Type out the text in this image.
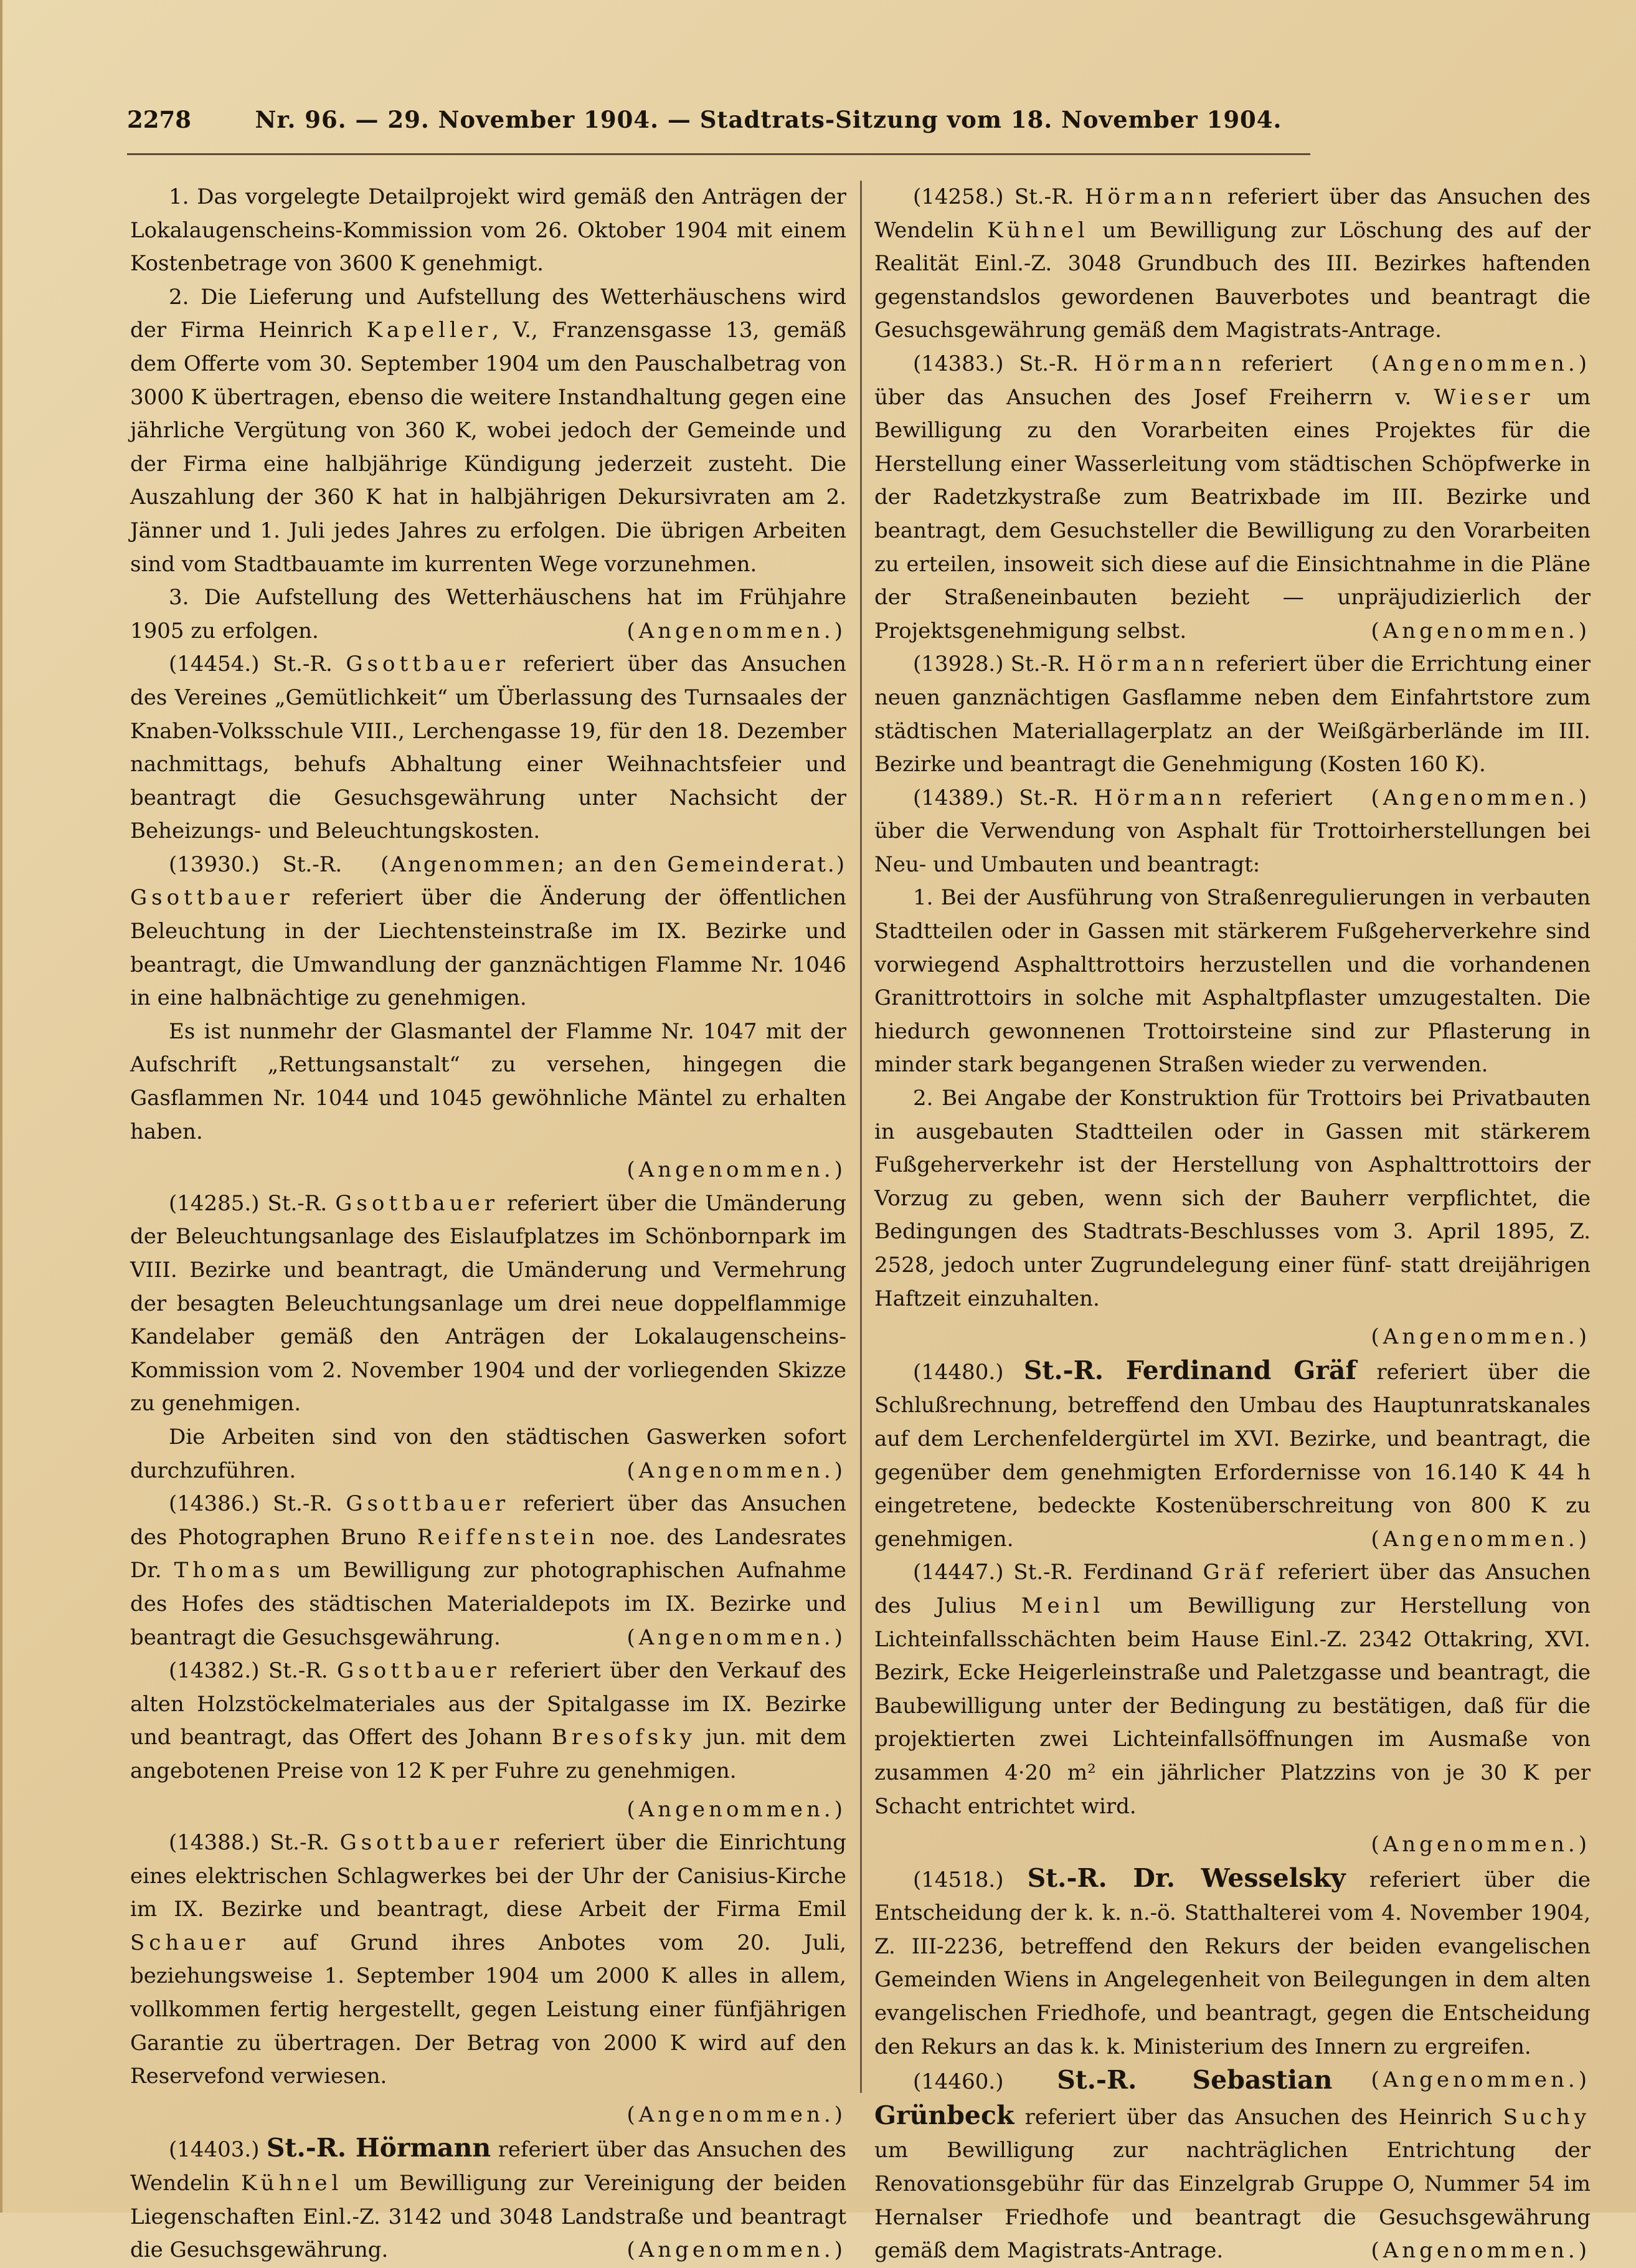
2278	Nr. 96. — 29. November 1904. — Stadtrats-Sitzung vom 18. November 1904.

1. Das vorgelegte Detailprojekt wird gemäß den Anträgen der Lokalaugenscheins-Kommission vom 26. Oktober 1904 mit einem Kostenbetrage von 3600 K genehmigt.

2. Die Lieferung und Aufstellung des Wetterhäuschens wird der Firma Heinrich Kapeller, V., Franzensgasse 13, gemäß dem Offerte vom 30. September 1904 um den Pauschalbetrag von 3000 K übertragen, ebenso die weitere Instandhaltung gegen eine jährliche Vergütung von 360 K, wobei jedoch der Gemeinde und der Firma eine halbjährige Kündigung jederzeit zusteht. Die Auszahlung der 360 K hat in halbjährigen Dekursivraten am 2. Jänner und 1. Juli jedes Jahres zu erfolgen. Die übrigen Arbeiten sind vom Stadtbauamte im kurrenten Wege vorzunehmen.

3. Die Aufstellung des Wetterhäuschens hat im Frühjahre 1905 zu erfolgen.	(Angenommen.)

(14454.) St.-R. Gsottbauer referiert über das Ansuchen des Vereines „Gemütlichkeit“ um Überlassung des Turnsaales der Knaben-Volksschule VIII., Lerchengasse 19, für den 18. Dezember nachmittags, behufs Abhaltung einer Weihnachtsfeier und beantragt die Gesuchsgewährung unter Nachsicht der Beheizungs- und Beleuchtungskosten.
(Angenommen; an den Gemeinderat.)

(13930.) St.-R. Gsottbauer referiert über die Änderung der öffentlichen Beleuchtung in der Liechtensteinstraße im IX. Bezirke und beantragt, die Umwandlung der ganznächtigen Flamme Nr. 1046 in eine halbnächtige zu genehmigen.

Es ist nunmehr der Glasmantel der Flamme Nr. 1047 mit der Aufschrift „Rettungsanstalt“ zu versehen, hingegen die Gasflammen Nr. 1044 und 1045 gewöhnliche Mäntel zu erhalten haben.
(Angenommen.)

(14285.) St.-R. Gsottbauer referiert über die Umänderung der Beleuchtungsanlage des Eislaufplatzes im Schönbornpark im VIII. Bezirke und beantragt, die Umänderung und Vermehrung der besagten Beleuchtungsanlage um drei neue doppelflammige Kandelaber gemäß den Anträgen der Lokalaugenscheins-Kommission vom 2. November 1904 und der vorliegenden Skizze zu genehmigen.

Die Arbeiten sind von den städtischen Gaswerken sofort durchzuführen.	(Angenommen.)

(14386.) St.-R. Gsottbauer referiert über das Ansuchen des Photographen Bruno Reiffenstein noe. des Landesrates Dr. Thomas um Bewilligung zur photographischen Aufnahme des Hofes des städtischen Materialdepots im IX. Bezirke und beantragt die Gesuchsgewährung.	(Angenommen.)

(14382.) St.-R. Gsottbauer referiert über den Verkauf des alten Holzstöckelmateriales aus der Spitalgasse im IX. Bezirke und beantragt, das Offert des Johann Bresofsky jun. mit dem angebotenen Preise von 12 K per Fuhre zu genehmigen.
(Angenommen.)

(14388.) St.-R. Gsottbauer referiert über die Einrichtung eines elektrischen Schlagwerkes bei der Uhr der Canisius-Kirche im IX. Bezirke und beantragt, diese Arbeit der Firma Emil Schauer auf Grund ihres Anbotes vom 20. Juli, beziehungsweise 1. September 1904 um 2000 K alles in allem, vollkommen fertig hergestellt, gegen Leistung einer fünfjährigen Garantie zu übertragen. Der Betrag von 2000 K wird auf den Reservefond verwiesen.
(Angenommen.)

(14403.) St.-R. Hörmann referiert über das Ansuchen des Wendelin Kühnel um Bewilligung zur Vereinigung der beiden Liegenschaften Einl.-Z. 3142 und 3048 Landstraße und beantragt die Gesuchsgewährung.	(Angenommen.)

(14258.) St.-R. Hörmann referiert über das Ansuchen des Wendelin Kühnel um Bewilligung zur Löschung des auf der Realität Einl.-Z. 3048 Grundbuch des III. Bezirkes haftenden gegenstandslos gewordenen Bauverbotes und beantragt die Gesuchsgewährung gemäß dem Magistrats-Antrage.
(Angenommen.)

(14383.) St.-R. Hörmann referiert über das Ansuchen des Josef Freiherrn v. Wieser um Bewilligung zu den Vorarbeiten eines Projektes für die Herstellung einer Wasserleitung vom städtischen Schöpfwerke in der Radetzkystraße zum Beatrixbade im III. Bezirke und beantragt, dem Gesuchsteller die Bewilligung zu den Vorarbeiten zu erteilen, insoweit sich diese auf die Einsichtnahme in die Pläne der Straßeneinbauten bezieht — unpräjudizierlich der Projektsgenehmigung selbst.	(Angenommen.)

(13928.) St.-R. Hörmann referiert über die Errichtung einer neuen ganznächtigen Gasflamme neben dem Einfahrtstore zum städtischen Materiallagerplatz an der Weißgärberlände im III. Bezirke und beantragt die Genehmigung (Kosten 160 K).
(Angenommen.)

(14389.) St.-R. Hörmann referiert über die Verwendung von Asphalt für Trottoirherstellungen bei Neu- und Umbauten und beantragt:

1. Bei der Ausführung von Straßenregulierungen in verbauten Stadtteilen oder in Gassen mit stärkerem Fußgeherverkehre sind vorwiegend Asphalttrottoirs herzustellen und die vorhandenen Granittrottoirs in solche mit Asphaltpflaster umzugestalten. Die hiedurch gewonnenen Trottoirsteine sind zur Pflasterung in minder stark begangenen Straßen wieder zu verwenden.

2. Bei Angabe der Konstruktion für Trottoirs bei Privatbauten in ausgebauten Stadtteilen oder in Gassen mit stärkerem Fußgeherverkehr ist der Herstellung von Asphalttrottoirs der Vorzug zu geben, wenn sich der Bauherr verpflichtet, die Bedingungen des Stadtrats-Beschlusses vom 3. April 1895, Z. 2528, jedoch unter Zugrundelegung einer fünf- statt dreijährigen Haftzeit einzuhalten.
(Angenommen.)

(14480.) St.-R. Ferdinand Gräf referiert über die Schlußrechnung, betreffend den Umbau des Hauptunratskanales auf dem Lerchenfeldergürtel im XVI. Bezirke, und beantragt, die gegenüber dem genehmigten Erfordernisse von 16.140 K 44 h eingetretene, bedeckte Kostenüberschreitung von 800 K zu genehmigen.	(Angenommen.)

(14447.) St.-R. Ferdinand Gräf referiert über das Ansuchen des Julius Meinl um Bewilligung zur Herstellung von Lichteinfallsschächten beim Hause Einl.-Z. 2342 Ottakring, XVI. Bezirk, Ecke Heigerleinstraße und Paletzgasse und beantragt, die Baubewilligung unter der Bedingung zu bestätigen, daß für die projektierten zwei Lichteinfallsöffnungen im Ausmaße von zusammen 4·20 m² ein jährlicher Platzzins von je 30 K per Schacht entrichtet wird.
(Angenommen.)

(14518.) St.-R. Dr. Wesselsky referiert über die Entscheidung der k. k. n.-ö. Statthalterei vom 4. November 1904, Z. III-2236, betreffend den Rekurs der beiden evangelischen Gemeinden Wiens in Angelegenheit von Beilegungen in dem alten evangelischen Friedhofe, und beantragt, gegen die Entscheidung den Rekurs an das k. k. Ministerium des Innern zu ergreifen.
(Angenommen.)

(14460.) St.-R. Sebastian Grünbeck referiert über das Ansuchen des Heinrich Suchy um Bewilligung zur nachträglichen Entrichtung der Renovationsgebühr für das Einzelgrab Gruppe O, Nummer 54 im Hernalser Friedhofe und beantragt die Gesuchsgewährung gemäß dem Magistrats-Antrage.	(Angenommen.)
